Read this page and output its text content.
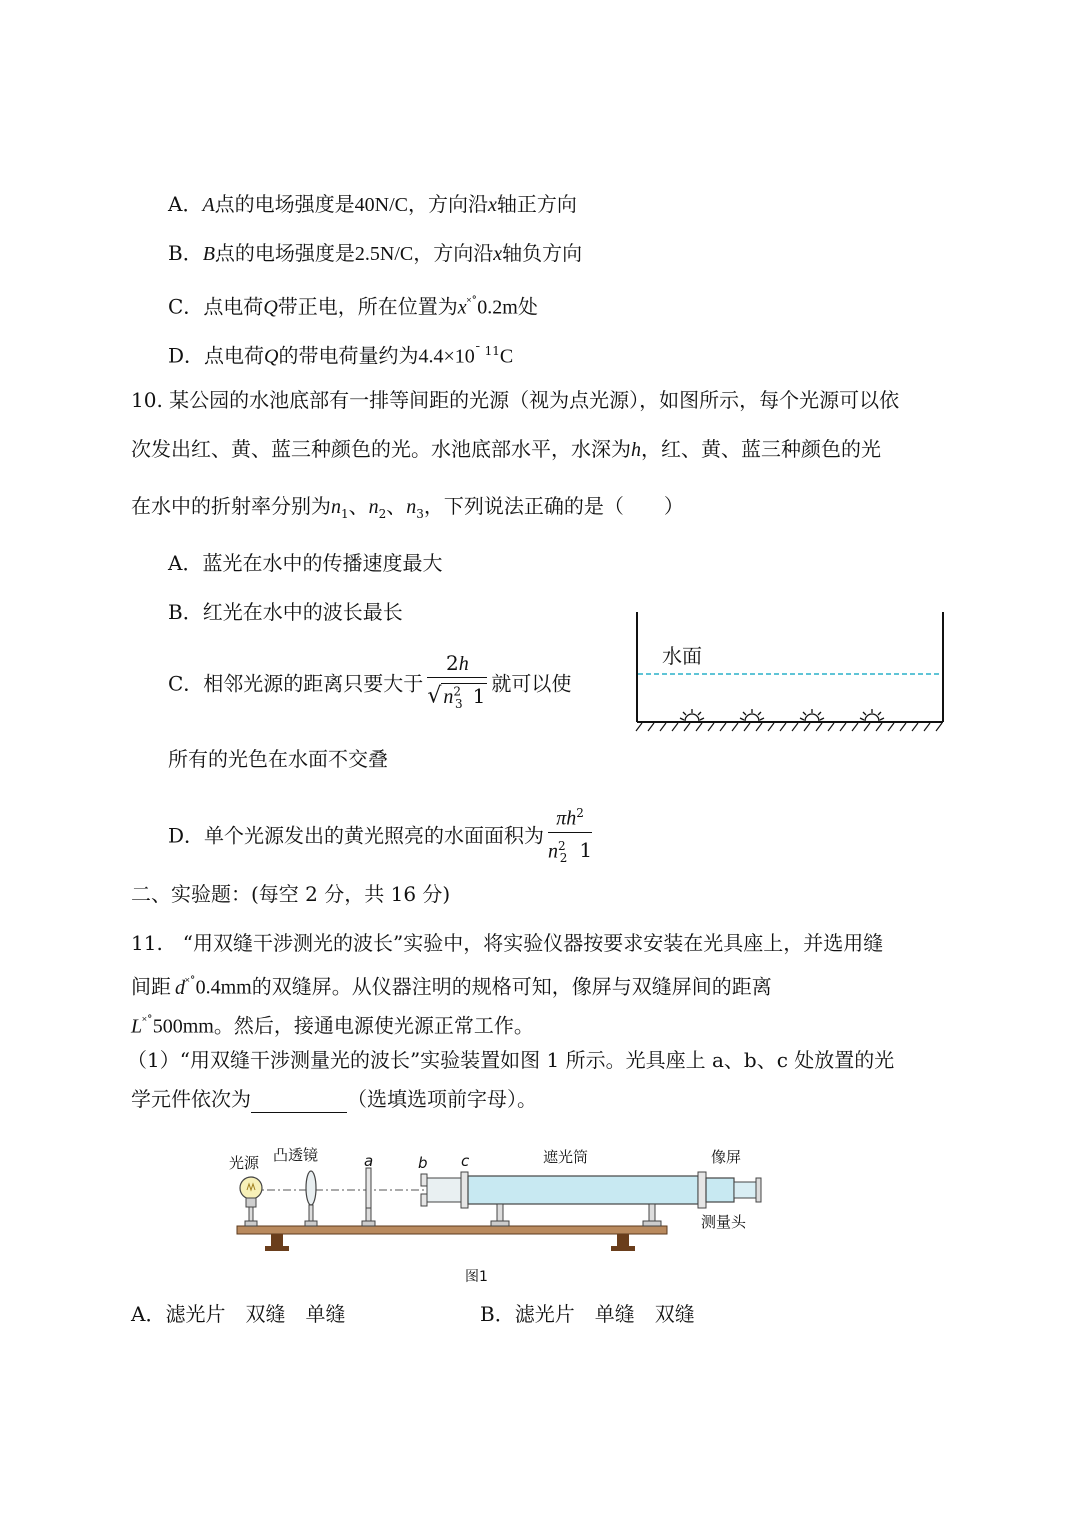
A．A点的电场强度是40N/C，方向沿x轴正方向
B．B点的电场强度是2.5N/C，方向沿x轴负方向
C．点电荷Q带正电，所在位置为x˟˚0.2m处
D．点电荷Q的带电荷量约为$4.4\times 10^{ˉ 11}C$
10. 某公园的水池底部有一排等间距的光源（视为点光源），如图所示，每个光源可以依
次发出红、黄、蓝三种颜色的光。水池底部水平，水深为h，红、黄、蓝三种颜色的光
在水中的折射率分别为$n_1$、$n_2$、$n_3$，下列说法正确的是（　　）
A．蓝光在水中的传播速度最大
B．红光在水中的波长最长
C．相邻光源的距离只要大于 $\frac{2h}{√ n^2_3 1}$ 就可以使
所有的光色在水面不交叠
D．单个光源发出的黄光照亮的水面面积为 $\frac{\pi h^2}{n^2_2 1}$
水面
二、实验题：(每空 2 分，共 16 分)
11.　“用双缝干涉测光的波长”实验中，将实验仪器按要求安装在光具座上，并选用缝
间距 d˟˚0.4mm的双缝屏。从仪器注明的规格可知，像屏与双缝屏间的距离
L˟˚500mm。然后，接通电源使光源正常工作。
（1）“用双缝干涉测量光的波长”实验装置如图 1 所示。光具座上 a、b、c 处放置的光
学元件依次为	（选填选项前字母）。
光源 凸透镜	a	b c	遮光筒	像屏
测量头
图1
A．滤光片　双缝　单缝	B．滤光片　单缝　双缝
